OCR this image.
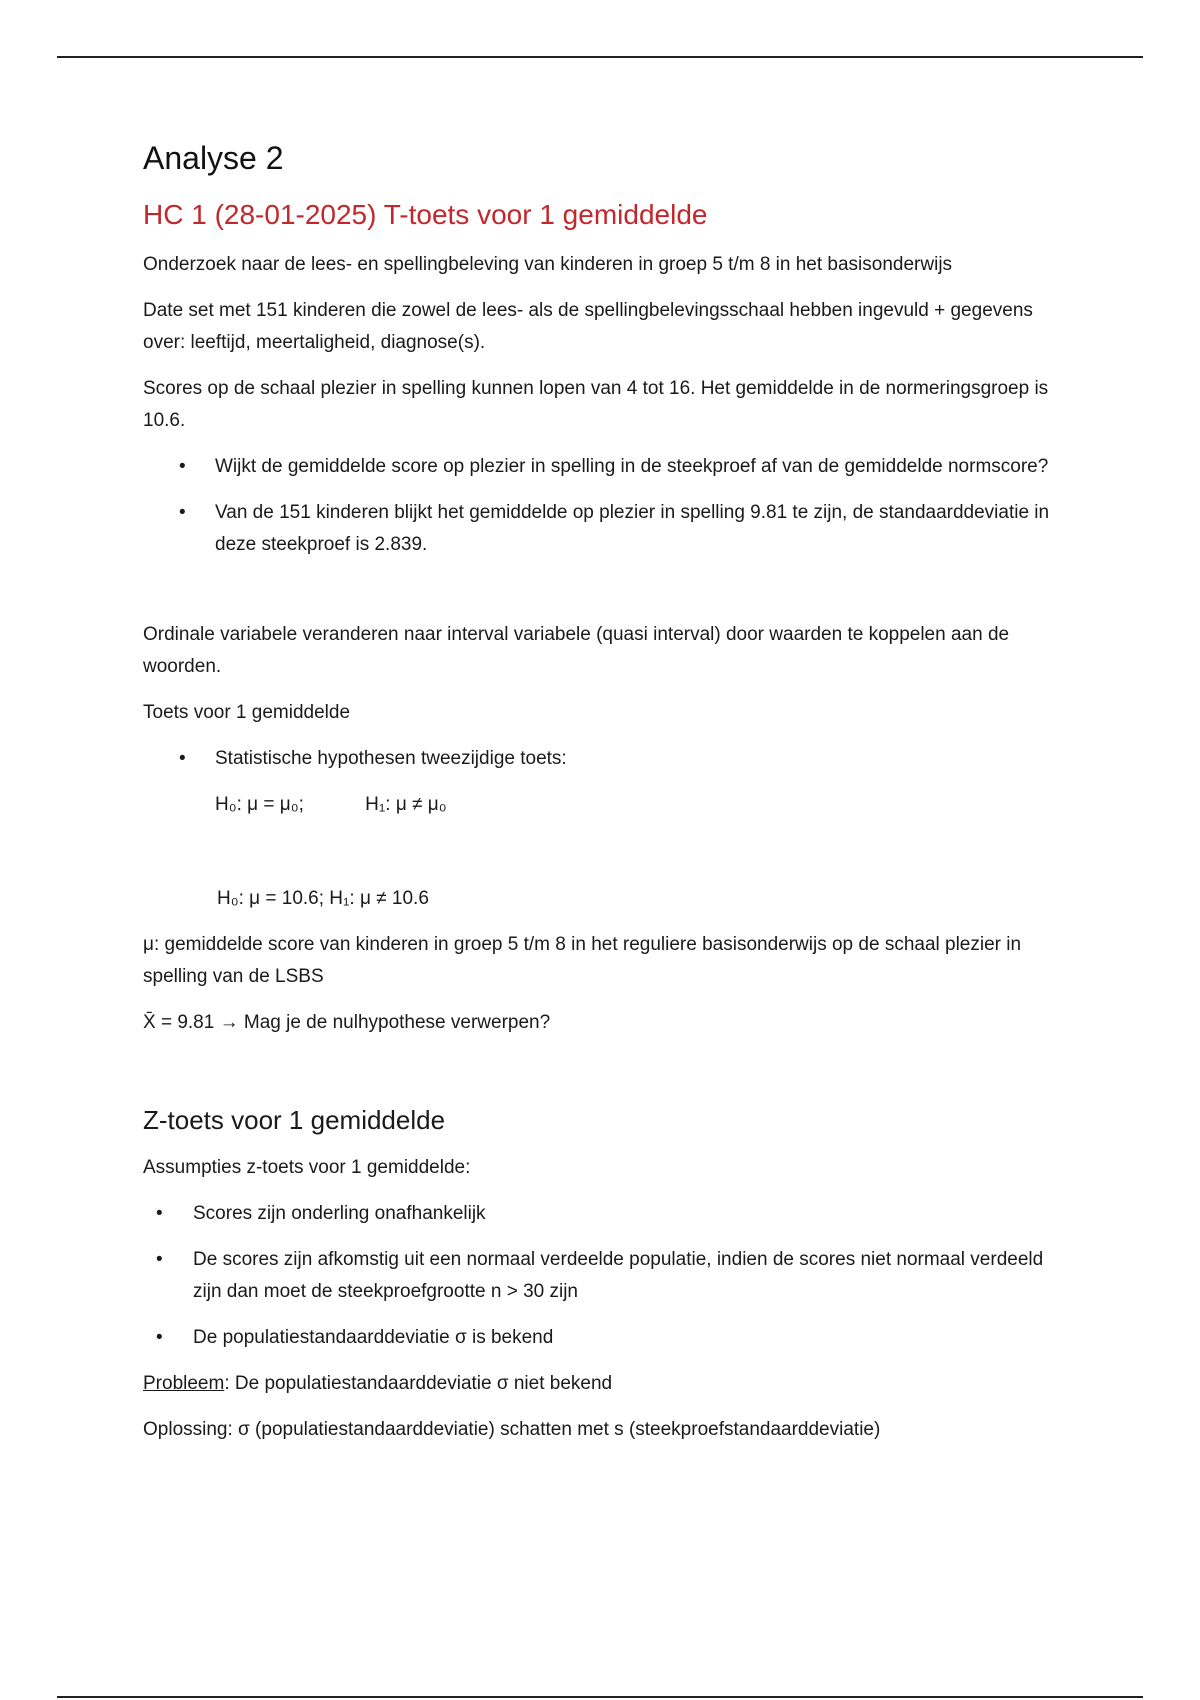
Analyse 2
HC 1 (28-01-2025) T-toets voor 1 gemiddelde

Onderzoek naar de lees- en spellingbeleving van kinderen in groep 5 t/m 8 in het basisonderwijs

Date set met 151 kinderen die zowel de lees- als de spellingbelevingsschaal hebben ingevuld + gegevens over: leeftijd, meertaligheid, diagnose(s).

Scores op de schaal plezier in spelling kunnen lopen van 4 tot 16. Het gemiddelde in de normeringsgroep is 10.6.

• Wijkt de gemiddelde score op plezier in spelling in de steekproef af van de gemiddelde normscore?
• Van de 151 kinderen blijkt het gemiddelde op plezier in spelling 9.81 te zijn, de standaarddeviatie in deze steekproef is 2.839.

Ordinale variabele veranderen naar interval variabele (quasi interval) door waarden te koppelen aan de woorden.

Toets voor 1 gemiddelde

• Statistische hypothesen tweezijdige toets:
H₀: μ = μ₀;	H₁: μ ≠ μ₀
H₀: μ = 10.6; H₁: μ ≠ 10.6

μ: gemiddelde score van kinderen in groep 5 t/m 8 in het reguliere basisonderwijs op de schaal plezier in spelling van de LSBS

X̄ = 9.81 → Mag je de nulhypothese verwerpen?

Z-toets voor 1 gemiddelde

Assumpties z-toets voor 1 gemiddelde:

• Scores zijn onderling onafhankelijk
• De scores zijn afkomstig uit een normaal verdeelde populatie, indien de scores niet normaal verdeeld zijn dan moet de steekproefgrootte n > 30 zijn
• De populatiestandaarddeviatie σ is bekend

Probleem: De populatiestandaarddeviatie σ niet bekend

Oplossing: σ (populatiestandaarddeviatie) schatten met s (steekproefstandaarddeviatie)
